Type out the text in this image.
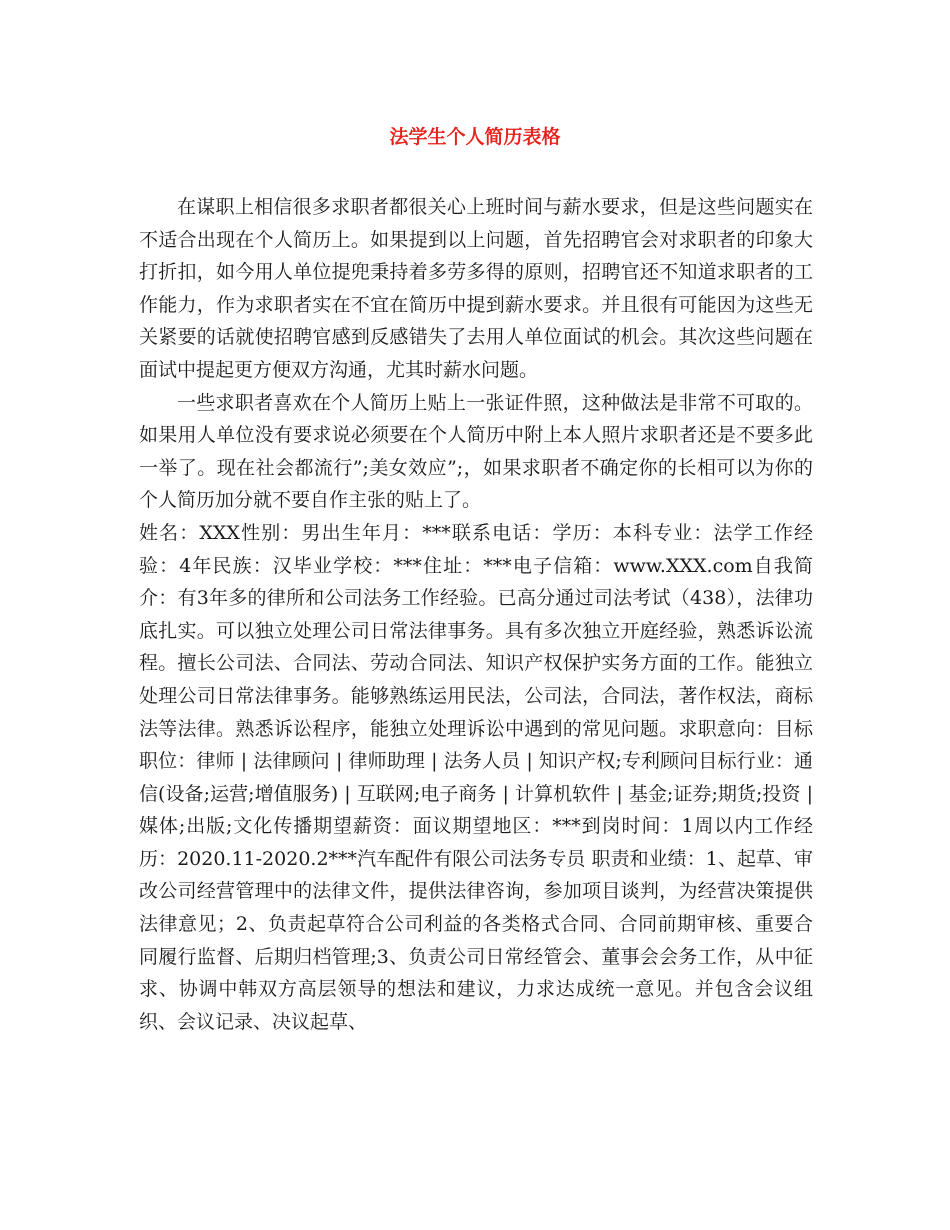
法学生个人简历表格

在谋职上相信很多求职者都很关心上班时间与薪水要求，但是这些问题实在不适合出现在个人简历上。如果提到以上问题，首先招聘官会对求职者的印象大打折扣，如今用人单位提兜秉持着多劳多得的原则，招聘官还不知道求职者的工作能力，作为求职者实在不宜在简历中提到薪水要求。并且很有可能因为这些无关紧要的话就使招聘官感到反感错失了去用人单位面试的机会。其次这些问题在面试中提起更方便双方沟通，尤其时薪水问题。

一些求职者喜欢在个人简历上贴上一张证件照，这种做法是非常不可取的。如果用人单位没有要求说必须要在个人简历中附上本人照片求职者还是不要多此一举了。现在社会都流行”;美女效应”;，如果求职者不确定你的长相可以为你的个人简历加分就不要自作主张的贴上了。

姓名：XXX性别：男出生年月：***联系电话：学历：本科专业：法学工作经验：4年民族：汉毕业学校：***住址：***电子信箱：www.XXX.com自我简介：有3年多的律所和公司法务工作经验。已高分通过司法考试（438），法律功底扎实。可以独立处理公司日常法律事务。具有多次独立开庭经验，熟悉诉讼流程。擅长公司法、合同法、劳动合同法、知识产权保护实务方面的工作。能独立处理公司日常法律事务。能够熟练运用民法，公司法，合同法，著作权法，商标法等法律。熟悉诉讼程序，能独立处理诉讼中遇到的常见问题。求职意向：目标职位：律师 | 法律顾问 | 律师助理 | 法务人员 | 知识产权;专利顾问目标行业：通信(设备;运营;增值服务) | 互联网;电子商务 | 计算机软件 | 基金;证券;期货;投资 | 媒体;出版;文化传播期望薪资：面议期望地区：***到岗时间：1周以内工作经历：2020.11-2020.2***汽车配件有限公司法务专员 职责和业绩：1、起草、审改公司经营管理中的法律文件，提供法律咨询，参加项目谈判，为经营决策提供法律意见；2、负责起草符合公司利益的各类格式合同、合同前期审核、重要合同履行监督、后期归档管理;3、负责公司日常经管会、董事会会务工作，从中征求、协调中韩双方高层领导的想法和建议，力求达成统一意见。并包含会议组织、会议记录、决议起草、
